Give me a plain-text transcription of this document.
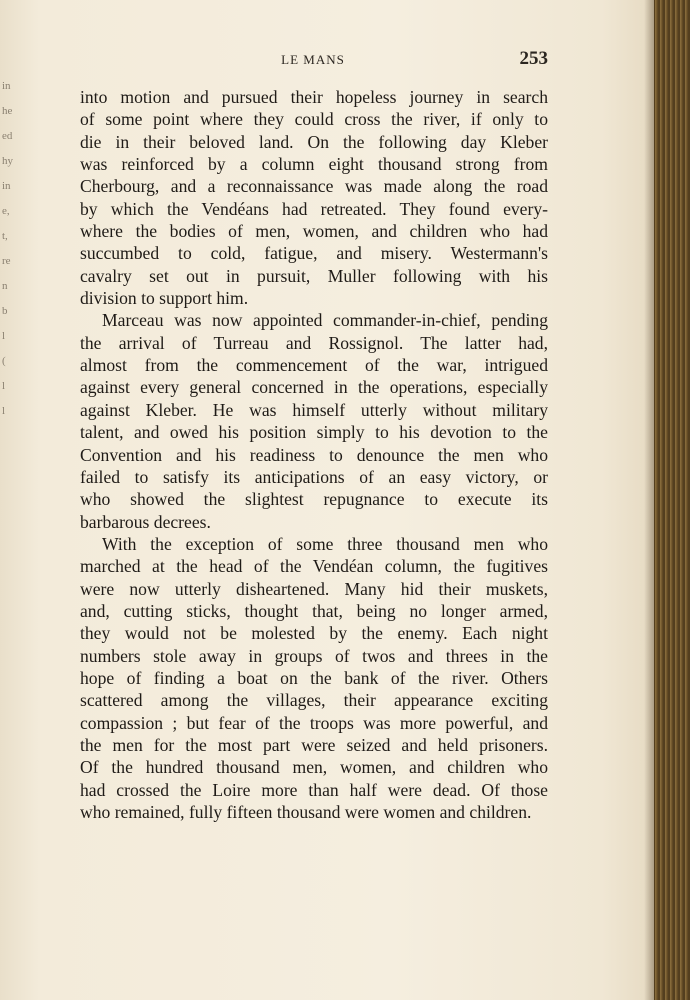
in
he
ed
hy
in
e,
t,
re
n
b
l
(
l
l
LE MANS	253
into motion and pursued their hopeless journey in search
of some point where they could cross the river, if only to
die in their beloved land. On the following day Kleber
was reinforced by a column eight thousand strong from
Cherbourg, and a reconnaissance was made along the road
by which the Vendéans had retreated. They found every-
where the bodies of men, women, and children who had
succumbed to cold, fatigue, and misery. Westermann's
cavalry set out in pursuit, Muller following with his
division to support him.
Marceau was now appointed commander-in-chief, pending
the arrival of Turreau and Rossignol. The latter had,
almost from the commencement of the war, intrigued
against every general concerned in the operations, especially
against Kleber. He was himself utterly without military
talent, and owed his position simply to his devotion to the
Convention and his readiness to denounce the men who
failed to satisfy its anticipations of an easy victory, or
who showed the slightest repugnance to execute its
barbarous decrees.
With the exception of some three thousand men who
marched at the head of the Vendéan column, the fugitives
were now utterly disheartened. Many hid their muskets,
and, cutting sticks, thought that, being no longer armed,
they would not be molested by the enemy. Each night
numbers stole away in groups of twos and threes in the
hope of finding a boat on the bank of the river. Others
scattered among the villages, their appearance exciting
compassion ; but fear of the troops was more powerful, and
the men for the most part were seized and held prisoners.
Of the hundred thousand men, women, and children who
had crossed the Loire more than half were dead. Of those
who remained, fully fifteen thousand were women and children.
